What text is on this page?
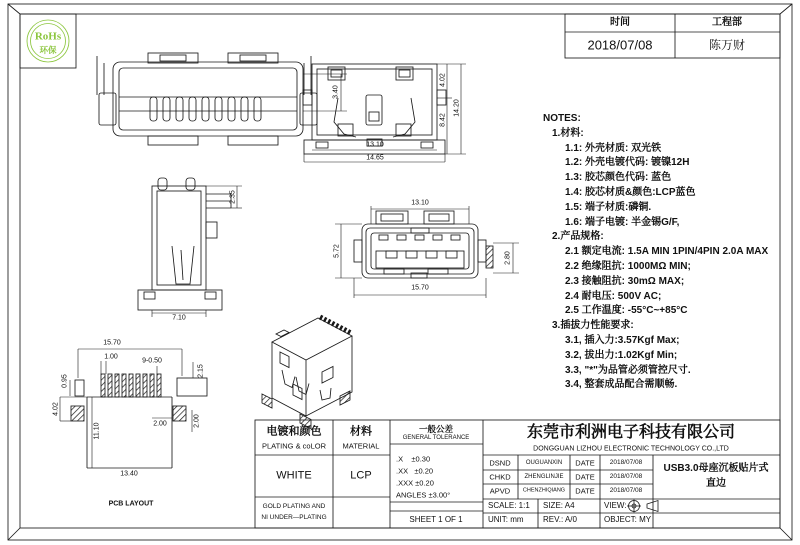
RoHs
环保
时间	工程部
2018/07/08	陈万财
NOTES:
1.材料:
1.1: 外壳材质: 双光铁
1.2: 外壳电镀代码: 镀镍12H
1.3: 胶芯颜色代码: 蓝色
1.4: 胶芯材质&颜色:LCP蓝色
1.5: 端子材质:磷铜.
1.6: 端子电镀: 半金锡G/F,
2.产品规格:
2.1 额定电流: 1.5A MIN 1PIN/4PIN 2.0A MAX
2.2 绝缘阻抗: 1000MΩ MIN;
2.3 接触阻抗: 30mΩ MAX;
2.4 耐电压: 500V AC;
2.5 工作温度: -55°C~+85°C
3.插拔力性能要求:
3.1, 插入力:3.57Kgf Max;
3.2, 拔出力:1.02Kgf Min;
3.3, "*"为品管必须管控尺寸.
3.4, 整套成品配合需顺畅.
3.40
4.02
8.42
14.20
13.10
14.65
2.35
7.10
13.10
5.72
2.80
15.70
15.70
1.00
9-0.50
2.15
0.95
4.02
11.10	2.00	2.00
13.40
PCB LAYOUT
电镀和颜色
PLATING & coLOR
材料
MATERIAL
一般公差
GENERAL TOLERANCE
WHITE	LCP
GOLD PLATING AND
NI UNDER—PLATING
.X    ±0.30
.XX   ±0.20
.XXX ±0.20
ANGLES ±3.00°
SHEET 1 OF 1
东莞市利洲电子科技有限公司
DONGGUAN LIZHOU ELECTRONIC TECHNOLOGY CO.,LTD
DSND	OUGUANXIN DATE 2018/07/08
CHKD ZHENGLINJIE DATE 2018/07/08
APVD CHENZHIQIANG DATE 2018/07/08
SCALE: 1:1 SIZE: A4	VIEW:
UNIT: mm REV.: A/0	OBJECT: MY
USB3.0母座沉板贴片式
直边
